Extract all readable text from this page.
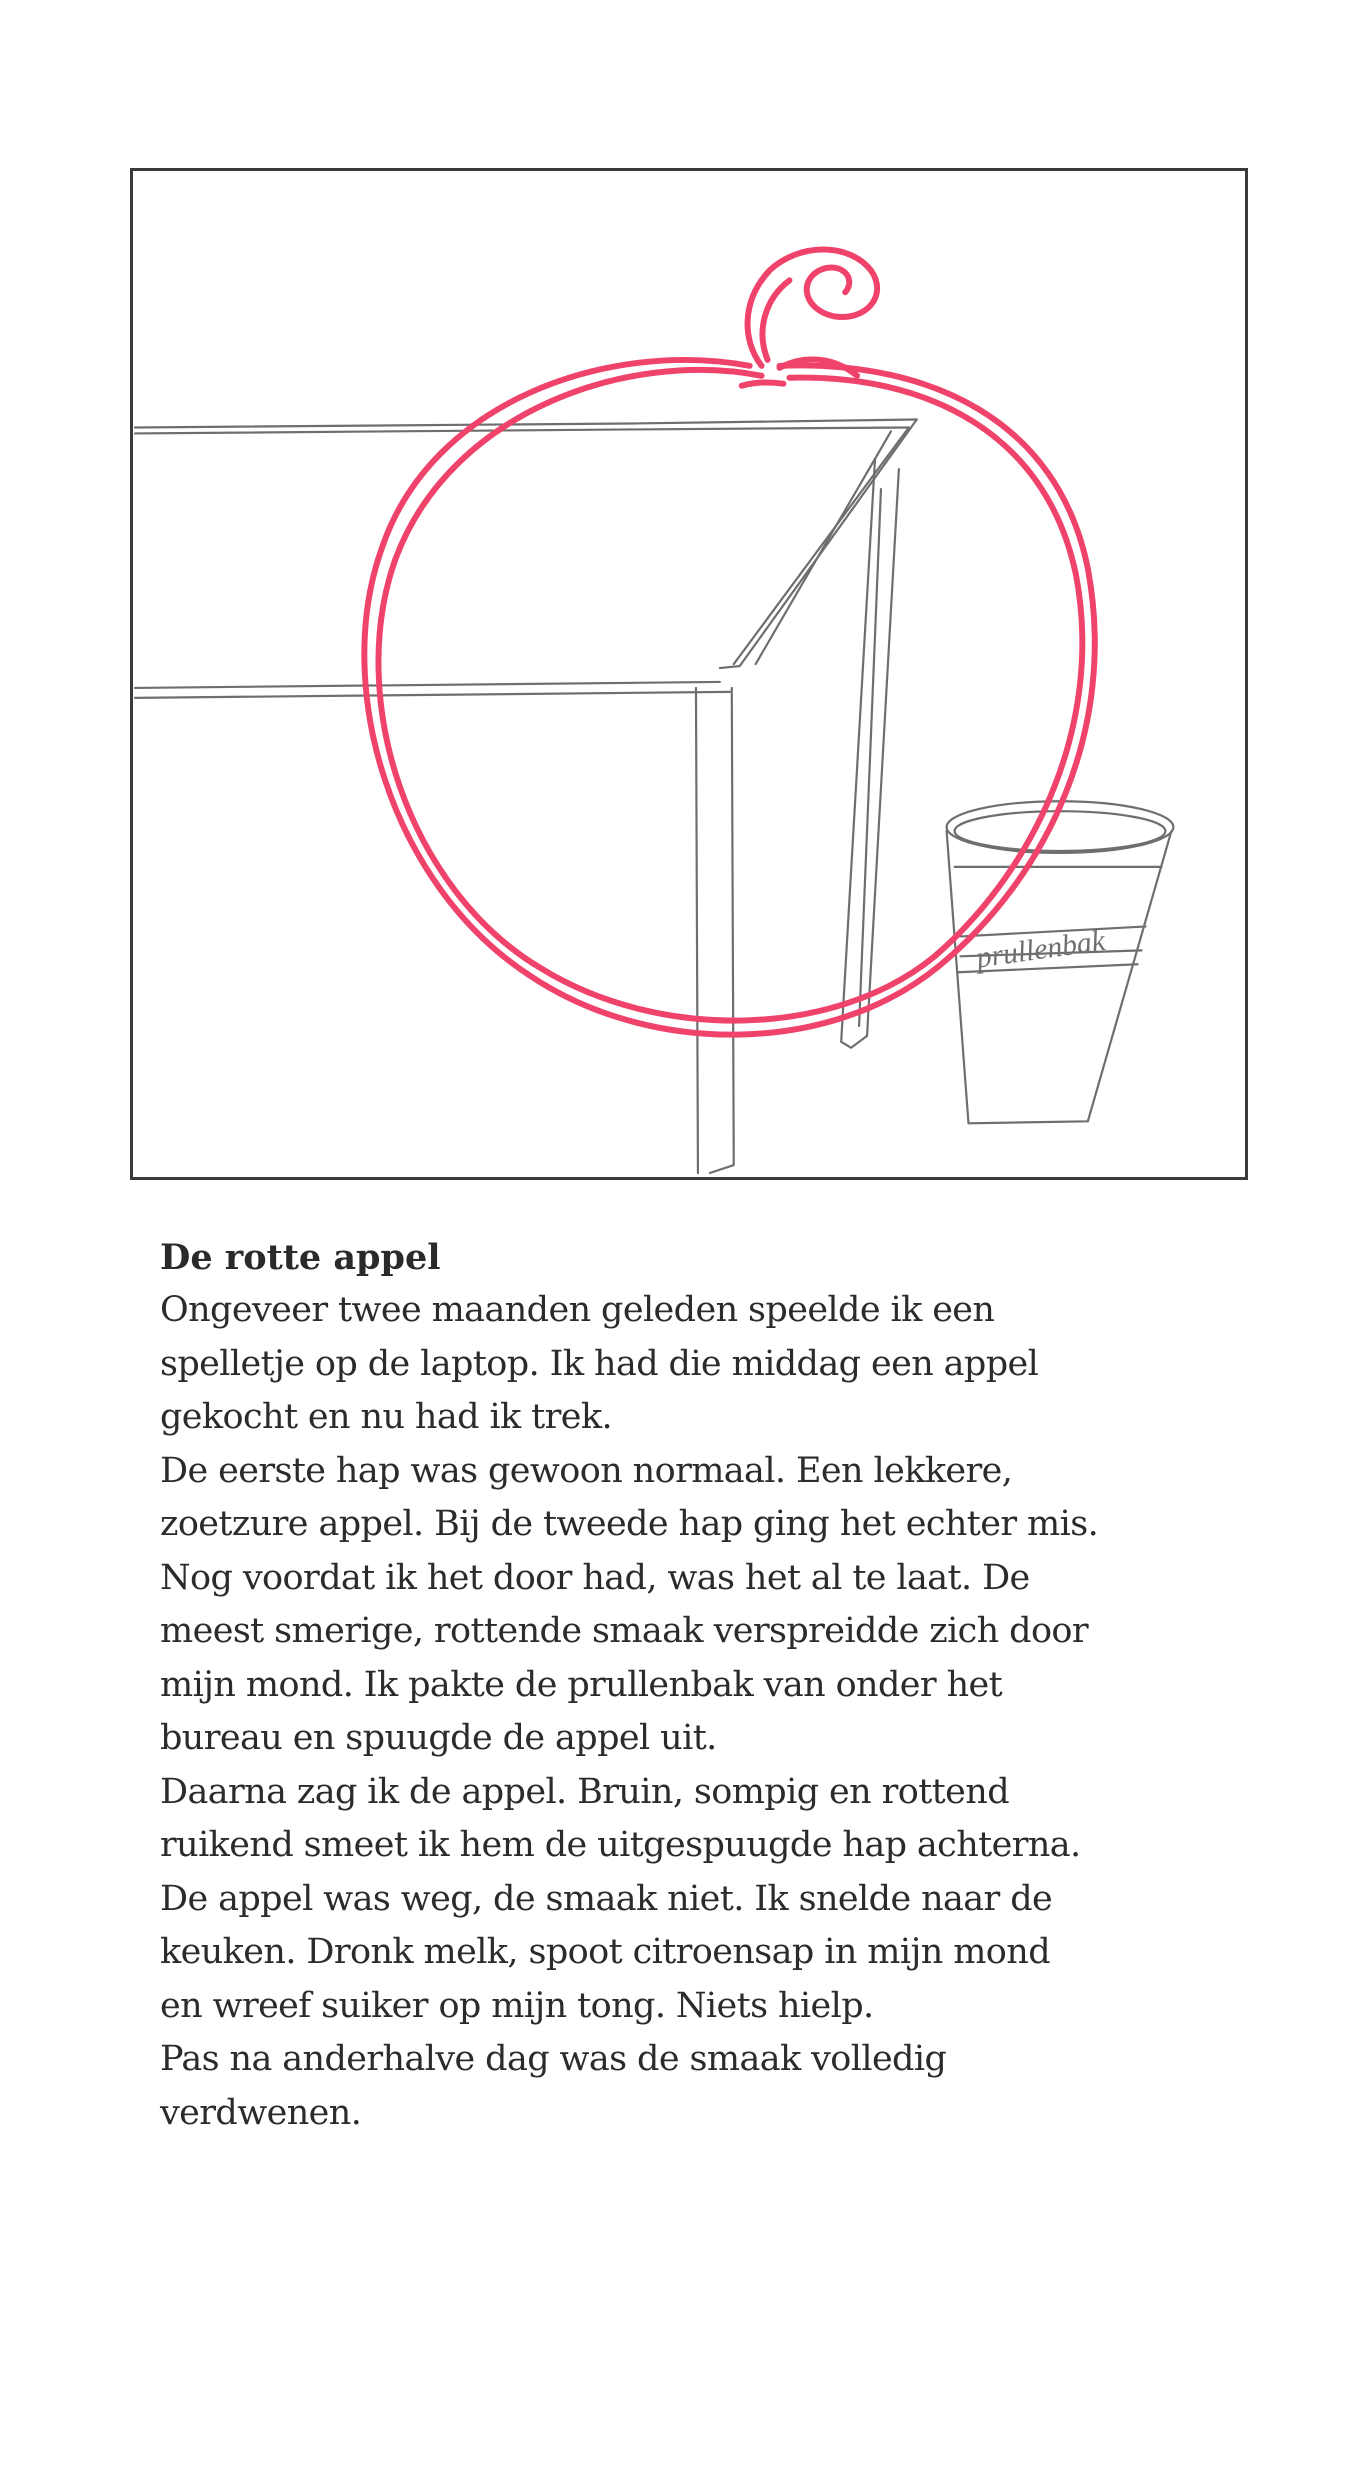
prullenbak

De rotte appel

Ongeveer twee maanden geleden speelde ik een

spelletje op de laptop. Ik had die middag een appel

gekocht en nu had ik trek.

De eerste hap was gewoon normaal. Een lekkere,

zoetzure appel. Bij de tweede hap ging het echter mis.

Nog voordat ik het door had, was het al te laat. De

meest smerige, rottende smaak verspreidde zich door

mijn mond. Ik pakte de prullenbak van onder het

bureau en spuugde de appel uit.

Daarna zag ik de appel. Bruin, sompig en rottend

ruikend smeet ik hem de uitgespuugde hap achterna.

De appel was weg, de smaak niet. Ik snelde naar de

keuken. Dronk melk, spoot citroensap in mijn mond

en wreef suiker op mijn tong. Niets hielp.

Pas na anderhalve dag was de smaak volledig

verdwenen.
